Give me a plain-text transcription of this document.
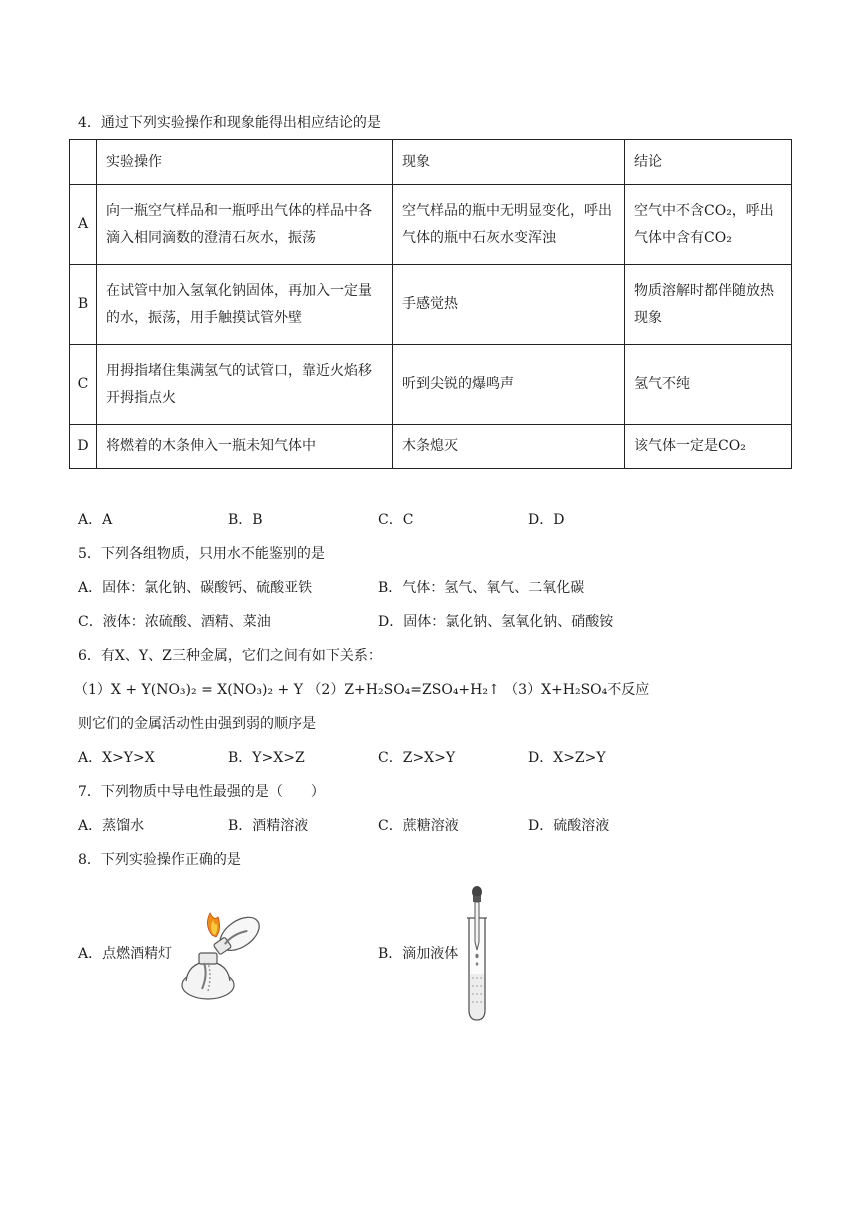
4．通过下列实验操作和现象能得出相应结论的是
	实验操作	现象	结论
A	向一瓶空气样品和一瓶呼出气体的样品中各滴入相同滴数的澄清石灰水，振荡	空气样品的瓶中无明显变化，呼出气体的瓶中石灰水变浑浊	空气中不含CO₂，呼出气体中含有CO₂
B	在试管中加入氢氧化钠固体，再加入一定量的水，振荡，用手触摸试管外壁	手感觉热	物质溶解时都伴随放热现象
C	用拇指堵住集满氢气的试管口，靠近火焰移开拇指点火	听到尖锐的爆鸣声	氢气不纯
D	将燃着的木条伸入一瓶未知气体中	木条熄灭	该气体一定是CO₂
A．A	B．B	C．C	D．D
5．下列各组物质，只用水不能鉴别的是
A．固体：氯化钠、碳酸钙、硫酸亚铁	B．气体：氢气、氧气、二氧化碳
C．液体：浓硫酸、酒精、菜油	D．固体：氯化钠、氢氧化钠、硝酸铵
6．有X、Y、Z三种金属，它们之间有如下关系：
（1）X + Y(NO₃)₂ = X(NO₃)₂ + Y （2）Z+H₂SO₄=ZSO₄+H₂↑ （3）X+H₂SO₄不反应
则它们的金属活动性由强到弱的顺序是
A．X>Y>X	B．Y>X>Z	C．Z>X>Y	D．X>Z>Y
7．下列物质中导电性最强的是（　　）
A．蒸馏水	B．酒精溶液	C．蔗糖溶液	D．硫酸溶液
8．下列实验操作正确的是
A．点燃酒精灯	B．滴加液体
